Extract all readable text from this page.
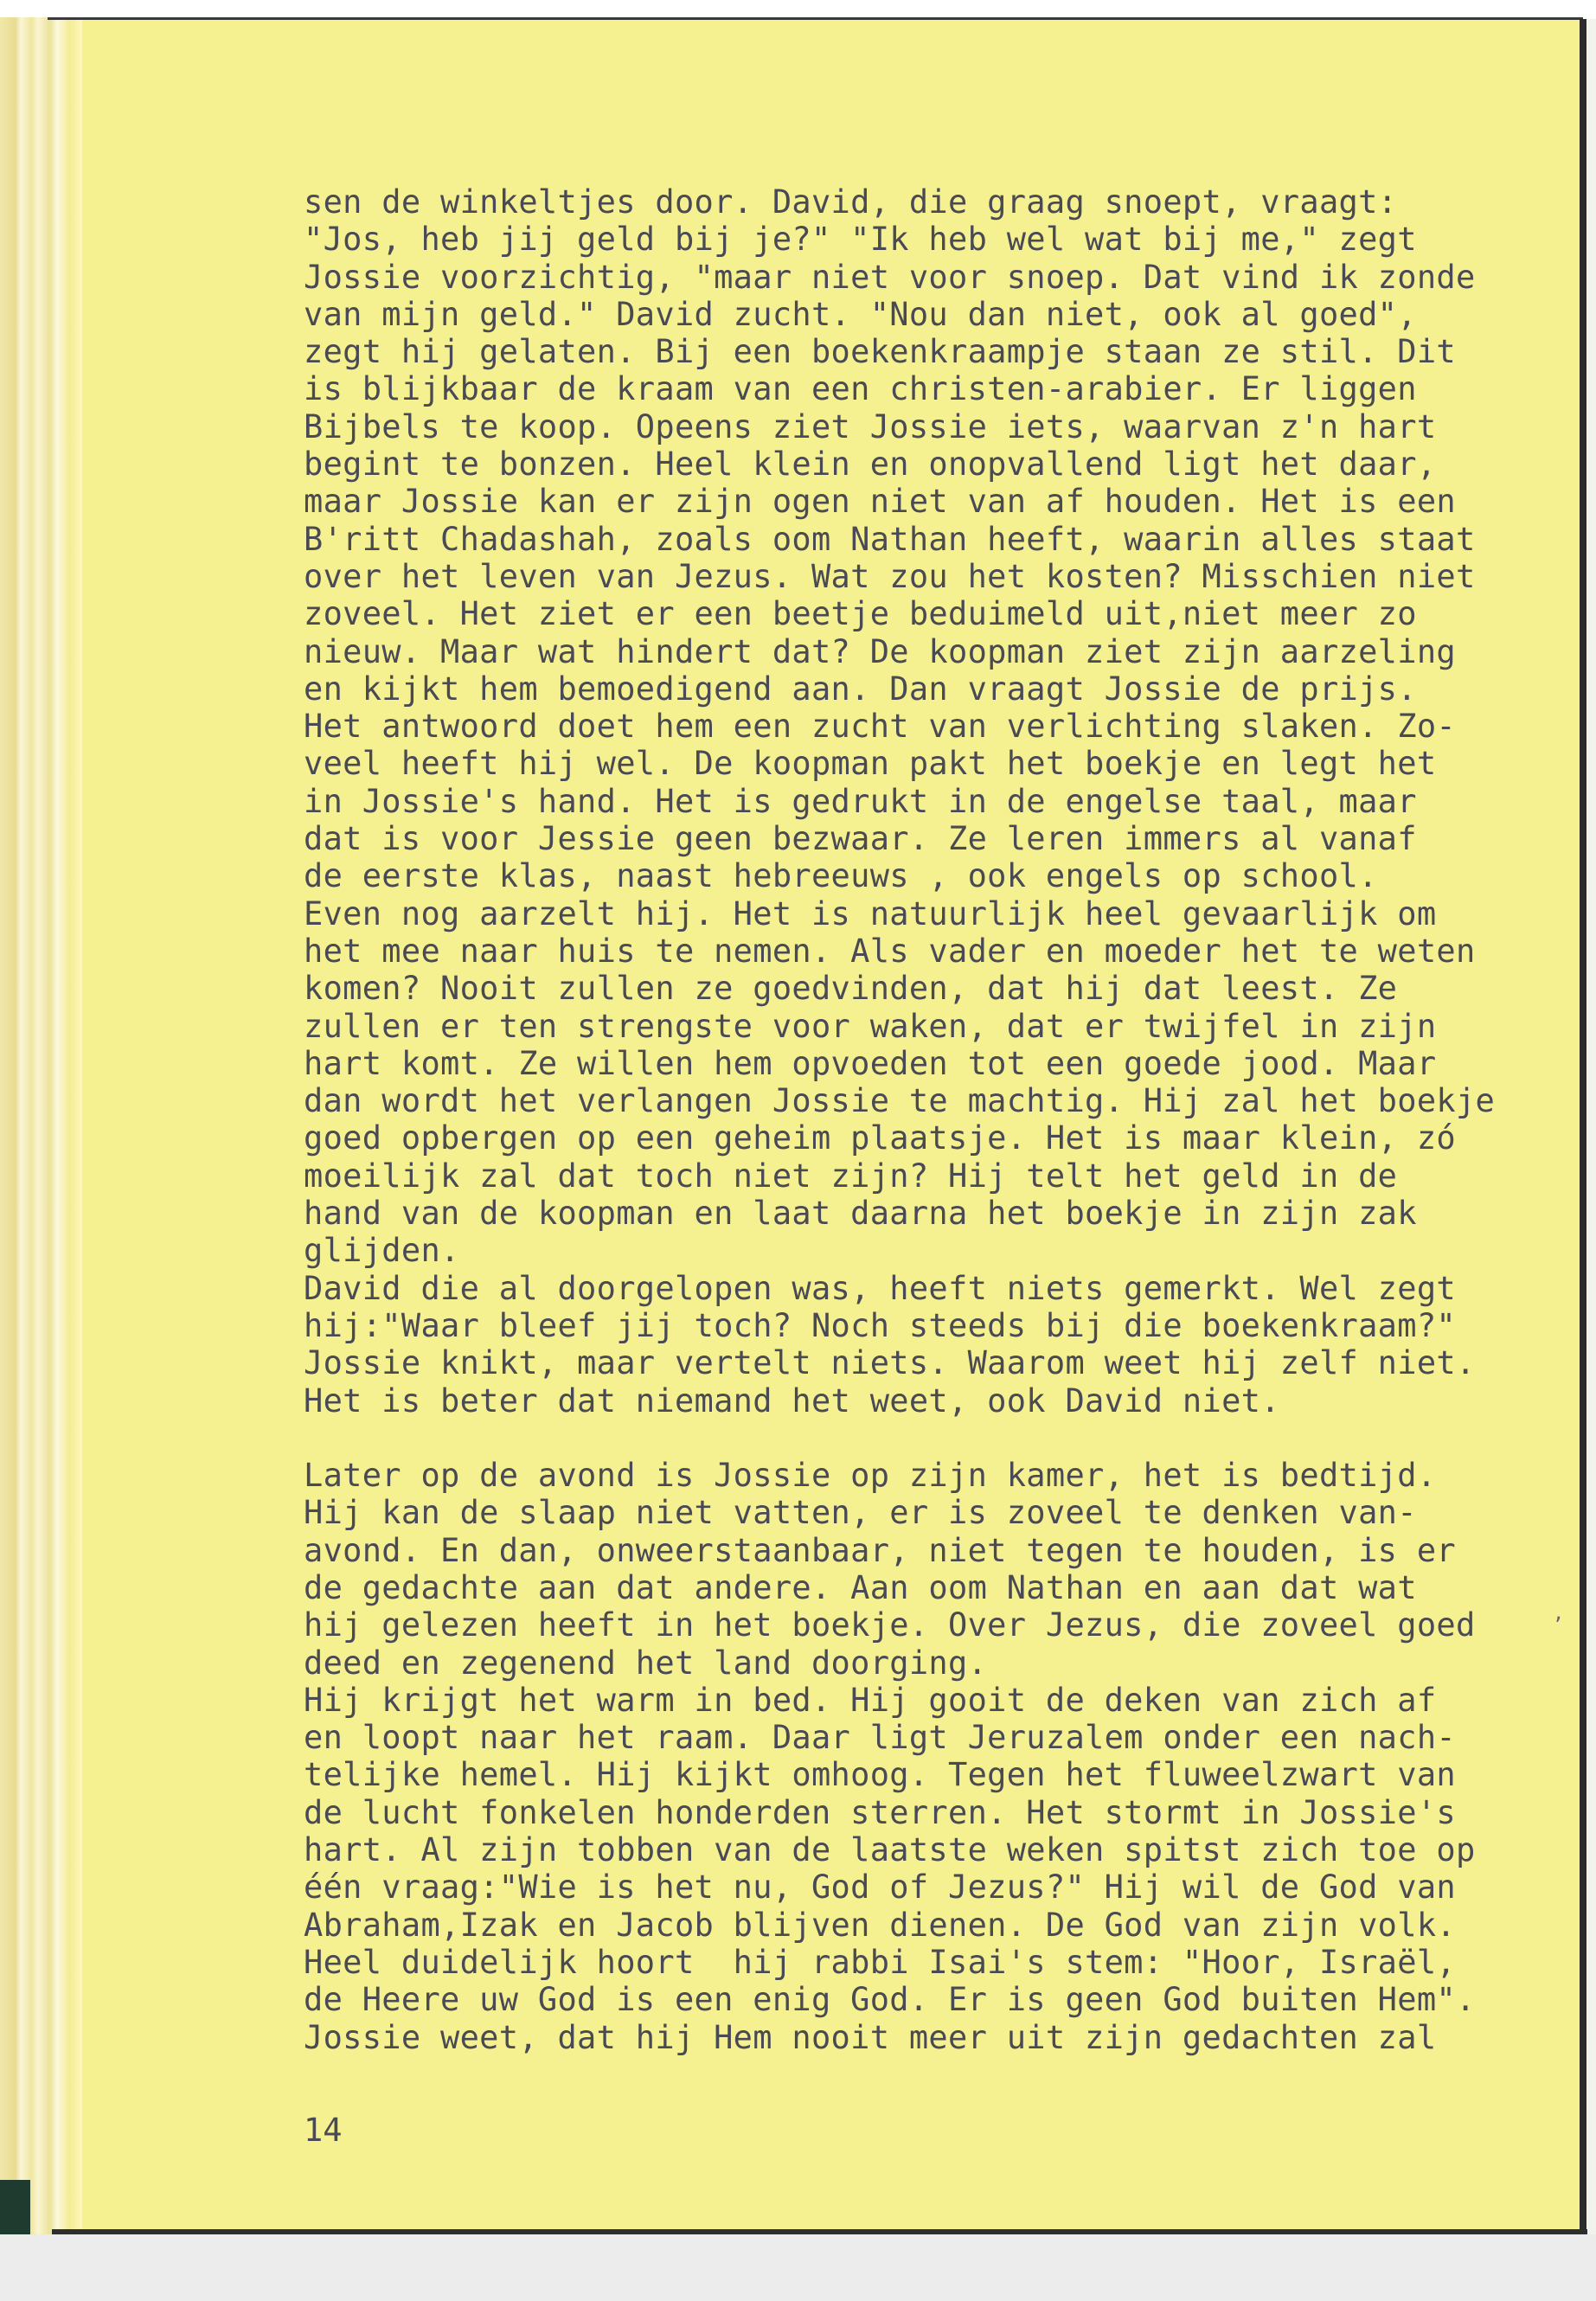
sen de winkeltjes door. David, die graag snoept, vraagt:
"Jos, heb jij geld bij je?" "Ik heb wel wat bij me," zegt
Jossie voorzichtig, "maar niet voor snoep. Dat vind ik zonde
van mijn geld." David zucht. "Nou dan niet, ook al goed",
zegt hij gelaten. Bij een boekenkraampje staan ze stil. Dit
is blijkbaar de kraam van een christen-arabier. Er liggen
Bijbels te koop. Opeens ziet Jossie iets, waarvan z'n hart
begint te bonzen. Heel klein en onopvallend ligt het daar,
maar Jossie kan er zijn ogen niet van af houden. Het is een
B'ritt Chadashah, zoals oom Nathan heeft, waarin alles staat
over het leven van Jezus. Wat zou het kosten? Misschien niet
zoveel. Het ziet er een beetje beduimeld uit,niet meer zo
nieuw. Maar wat hindert dat? De koopman ziet zijn aarzeling
en kijkt hem bemoedigend aan. Dan vraagt Jossie de prijs.
Het antwoord doet hem een zucht van verlichting slaken. Zo-
veel heeft hij wel. De koopman pakt het boekje en legt het
in Jossie's hand. Het is gedrukt in de engelse taal, maar
dat is voor Jessie geen bezwaar. Ze leren immers al vanaf
de eerste klas, naast hebreeuws , ook engels op school.
Even nog aarzelt hij. Het is natuurlijk heel gevaarlijk om
het mee naar huis te nemen. Als vader en moeder het te weten
komen? Nooit zullen ze goedvinden, dat hij dat leest. Ze
zullen er ten strengste voor waken, dat er twijfel in zijn
hart komt. Ze willen hem opvoeden tot een goede jood. Maar
dan wordt het verlangen Jossie te machtig. Hij zal het boekje
goed opbergen op een geheim plaatsje. Het is maar klein, zó
moeilijk zal dat toch niet zijn? Hij telt het geld in de
hand van de koopman en laat daarna het boekje in zijn zak
glijden.
David die al doorgelopen was, heeft niets gemerkt. Wel zegt
hij:"Waar bleef jij toch? Noch steeds bij die boekenkraam?"
Jossie knikt, maar vertelt niets. Waarom weet hij zelf niet.
Het is beter dat niemand het weet, ook David niet.
Later op de avond is Jossie op zijn kamer, het is bedtijd.
Hij kan de slaap niet vatten, er is zoveel te denken van-
avond. En dan, onweerstaanbaar, niet tegen te houden, is er
de gedachte aan dat andere. Aan oom Nathan en aan dat wat
hij gelezen heeft in het boekje. Over Jezus, die zoveel goed
deed en zegenend het land doorging.
Hij krijgt het warm in bed. Hij gooit de deken van zich af
en loopt naar het raam. Daar ligt Jeruzalem onder een nach-
telijke hemel. Hij kijkt omhoog. Tegen het fluweelzwart van
de lucht fonkelen honderden sterren. Het stormt in Jossie's
hart. Al zijn tobben van de laatste weken spitst zich toe op
één vraag:"Wie is het nu, God of Jezus?" Hij wil de God van
Abraham,Izak en Jacob blijven dienen. De God van zijn volk.
Heel duidelijk hoort  hij rabbi Isai's stem: "Hoor, Israël,
de Heere uw God is een enig God. Er is geen God buiten Hem".
Jossie weet, dat hij Hem nooit meer uit zijn gedachten zal
14
,
